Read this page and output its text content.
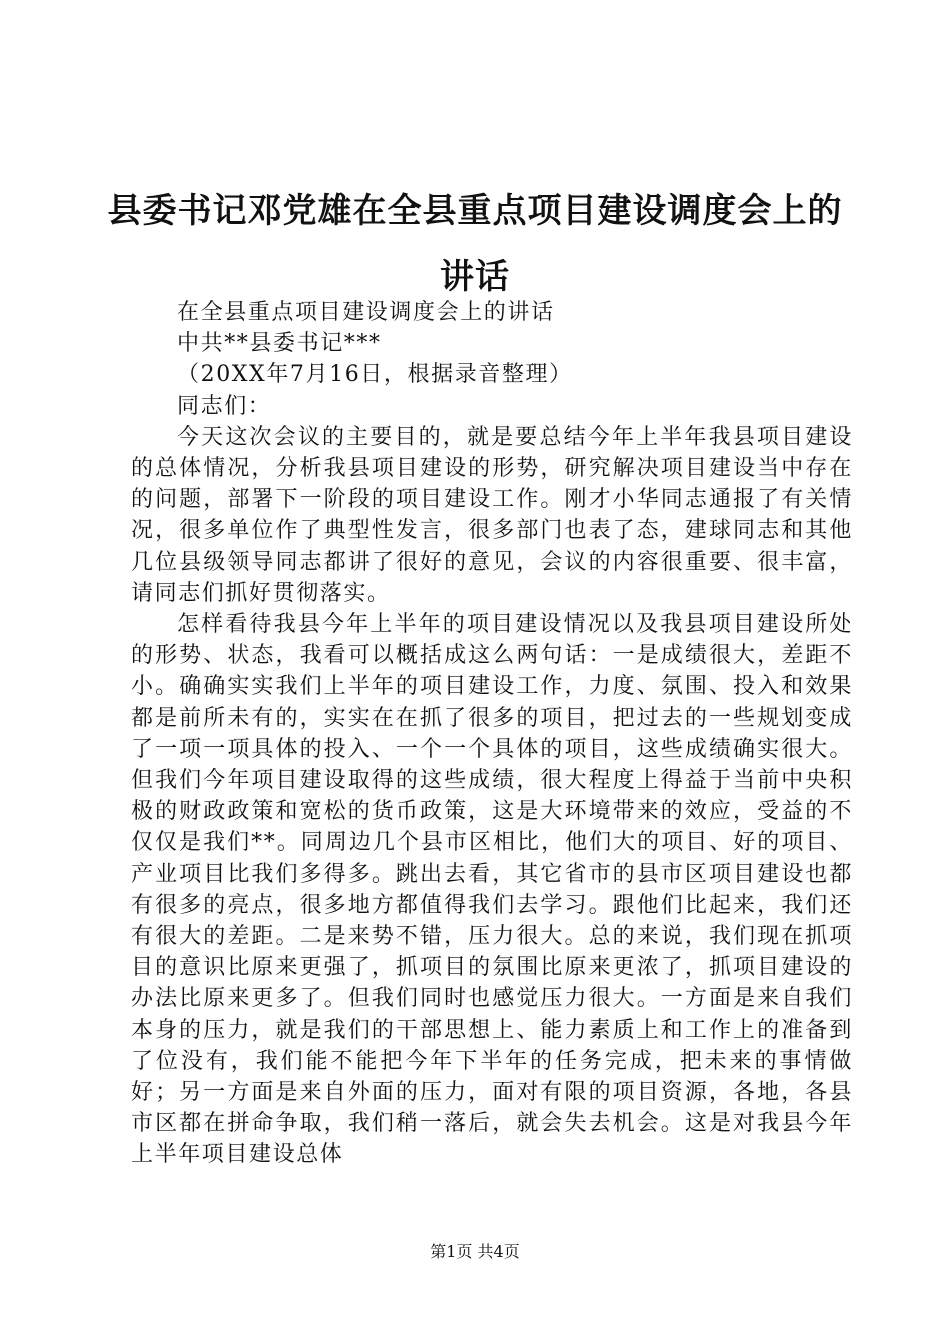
县委书记邓党雄在全县重点项目建设调度会上的讲话

在全县重点项目建设调度会上的讲话

中共**县委书记***

（20XX年7月16日，根据录音整理）

同志们：

今天这次会议的主要目的，就是要总结今年上半年我县项目建设的总体情况，分析我县项目建设的形势，研究解决项目建设当中存在的问题，部署下一阶段的项目建设工作。刚才小华同志通报了有关情况，很多单位作了典型性发言，很多部门也表了态，建球同志和其他几位县级领导同志都讲了很好的意见，会议的内容很重要、很丰富，请同志们抓好贯彻落实。

怎样看待我县今年上半年的项目建设情况以及我县项目建设所处的形势、状态，我看可以概括成这么两句话：一是成绩很大，差距不小。确确实实我们上半年的项目建设工作，力度、氛围、投入和效果都是前所未有的，实实在在抓了很多的项目，把过去的一些规划变成了一项一项具体的投入、一个一个具体的项目，这些成绩确实很大。但我们今年项目建设取得的这些成绩，很大程度上得益于当前中央积极的财政政策和宽松的货币政策，这是大环境带来的效应，受益的不仅仅是我们**。同周边几个县市区相比，他们大的项目、好的项目、产业项目比我们多得多。跳出去看，其它省市的县市区项目建设也都有很多的亮点，很多地方都值得我们去学习。跟他们比起来，我们还有很大的差距。二是来势不错，压力很大。总的来说，我们现在抓项目的意识比原来更强了，抓项目的氛围比原来更浓了，抓项目建设的办法比原来更多了。但我们同时也感觉压力很大。一方面是来自我们本身的压力，就是我们的干部思想上、能力素质上和工作上的准备到了位没有，我们能不能把今年下半年的任务完成，把未来的事情做好；另一方面是来自外面的压力，面对有限的项目资源，各地，各县市区都在拼命争取，我们稍一落后，就会失去机会。这是对我县今年上半年项目建设总体

第1页 共4页
